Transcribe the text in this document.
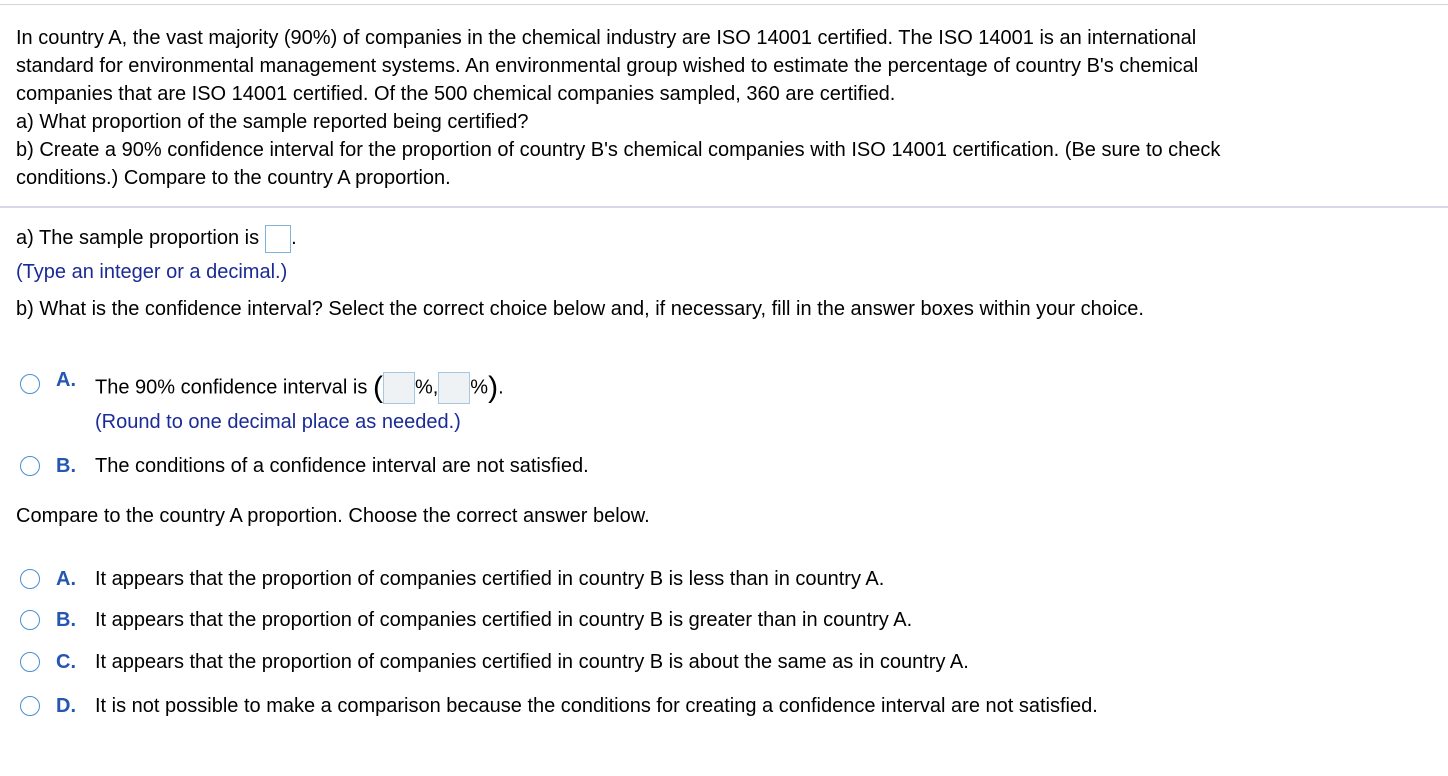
In country A, the vast majority (90%) of companies in the chemical industry are ISO 14001 certified. The ISO 14001 is an international
standard for environmental management systems. An environmental group wished to estimate the percentage of country B's chemical
companies that are ISO 14001 certified. Of the 500 chemical companies sampled, 360 are certified.
a) What proportion of the sample reported being certified?
b) Create a 90% confidence interval for the proportion of country B's chemical companies with ISO 14001 certification. (Be sure to check
conditions.) Compare to the country A proportion.
a) The sample proportion is .
(Type an integer or a decimal.)
b) What is the confidence interval? Select the correct choice below and, if necessary, fill in the answer boxes within your choice.
A. The 90% confidence interval is ( %, %).
(Round to one decimal place as needed.)
B. The conditions of a confidence interval are not satisfied.
Compare to the country A proportion. Choose the correct answer below.
A. It appears that the proportion of companies certified in country B is less than in country A.
B. It appears that the proportion of companies certified in country B is greater than in country A.
C. It appears that the proportion of companies certified in country B is about the same as in country A.
D. It is not possible to make a comparison because the conditions for creating a confidence interval are not satisfied.
